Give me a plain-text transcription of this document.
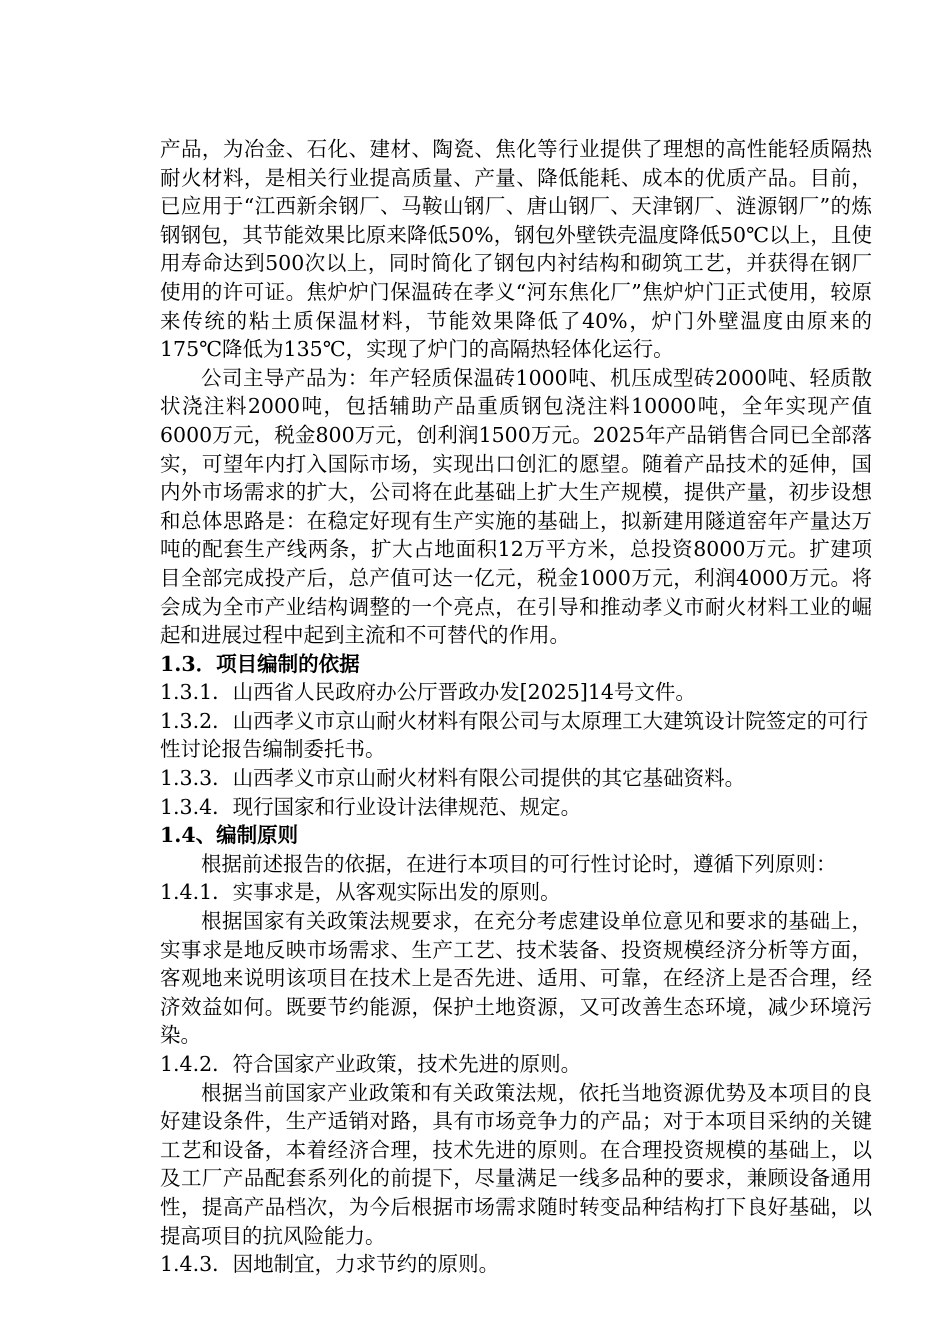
产品，为冶金、石化、建材、陶瓷、焦化等行业提供了理想的高性能轻质隔热耐火材料，是相关行业提高质量、产量、降低能耗、成本的优质产品。目前，已应用于“江西新余钢厂、马鞍山钢厂、唐山钢厂、天津钢厂、涟源钢厂”的炼钢钢包，其节能效果比原来降低50%，钢包外壁铁壳温度降低50℃以上，且使用寿命达到500次以上，同时简化了钢包内衬结构和砌筑工艺，并获得在钢厂使用的许可证。焦炉炉门保温砖在孝义“河东焦化厂”焦炉炉门正式使用，较原来传统的粘土质保温材料，节能效果降低了40%，炉门外壁温度由原来的175℃降低为135℃，实现了炉门的高隔热轻体化运行。

公司主导产品为：年产轻质保温砖1000吨、机压成型砖2000吨、轻质散状浇注料2000吨，包括辅助产品重质钢包浇注料10000吨，全年实现产值6000万元，税金800万元，创利润1500万元。2025年产品销售合同已全部落实，可望年内打入国际市场，实现出口创汇的愿望。随着产品技术的延伸，国内外市场需求的扩大，公司将在此基础上扩大生产规模，提供产量，初步设想和总体思路是：在稳定好现有生产实施的基础上，拟新建用隧道窑年产量达万吨的配套生产线两条，扩大占地面积12万平方米，总投资8000万元。扩建项目全部完成投产后，总产值可达一亿元，税金1000万元，利润4000万元。将会成为全市产业结构调整的一个亮点，在引导和推动孝义市耐火材料工业的崛起和进展过程中起到主流和不可替代的作用。

1.3．项目编制的依据

1.3.1．山西省人民政府办公厅晋政办发[2025]14号文件。

1.3.2．山西孝义市京山耐火材料有限公司与太原理工大建筑设计院签定的可行性讨论报告编制委托书。

1.3.3．山西孝义市京山耐火材料有限公司提供的其它基础资料。

1.3.4．现行国家和行业设计法律规范、规定。

1.4、编制原则

根据前述报告的依据，在进行本项目的可行性讨论时，遵循下列原则：

1.4.1．实事求是，从客观实际出发的原则。

根据国家有关政策法规要求，在充分考虑建设单位意见和要求的基础上，实事求是地反映市场需求、生产工艺、技术装备、投资规模经济分析等方面，客观地来说明该项目在技术上是否先进、适用、可靠，在经济上是否合理，经济效益如何。既要节约能源，保护土地资源，又可改善生态环境，减少环境污染。

1.4.2．符合国家产业政策，技术先进的原则。

根据当前国家产业政策和有关政策法规，依托当地资源优势及本项目的良好建设条件，生产适销对路，具有市场竞争力的产品；对于本项目采纳的关键工艺和设备，本着经济合理，技术先进的原则。在合理投资规模的基础上，以及工厂产品配套系列化的前提下，尽量满足一线多品种的要求，兼顾设备通用性，提高产品档次，为今后根据市场需求随时转变品种结构打下良好基础，以提高项目的抗风险能力。

1.4.3．因地制宜，力求节约的原则。
